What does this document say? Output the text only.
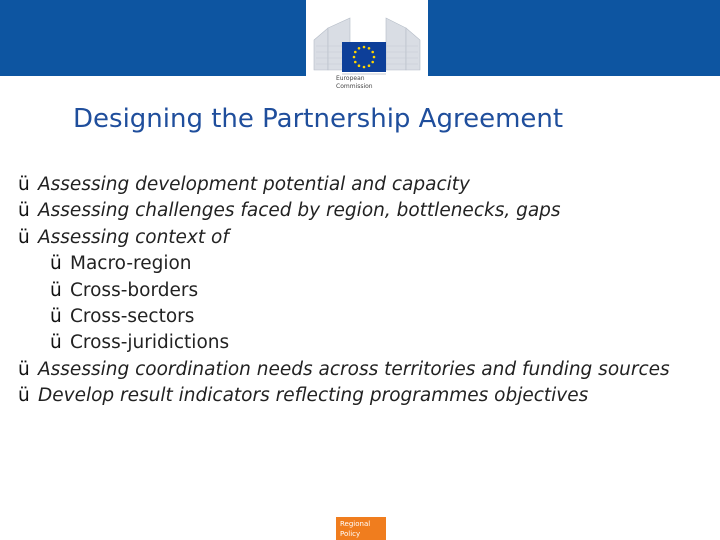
European
Commission
Designing the Partnership Agreement
ü Assessing development potential and capacity
ü Assessing challenges faced by region, bottlenecks, gaps
ü Assessing context of
ü Macro-region
ü Cross-borders
ü Cross-sectors
ü Cross-juridictions
ü Assessing coordination needs across territories and funding sources
ü Develop result indicators reflecting programmes objectives
Regional
Policy
